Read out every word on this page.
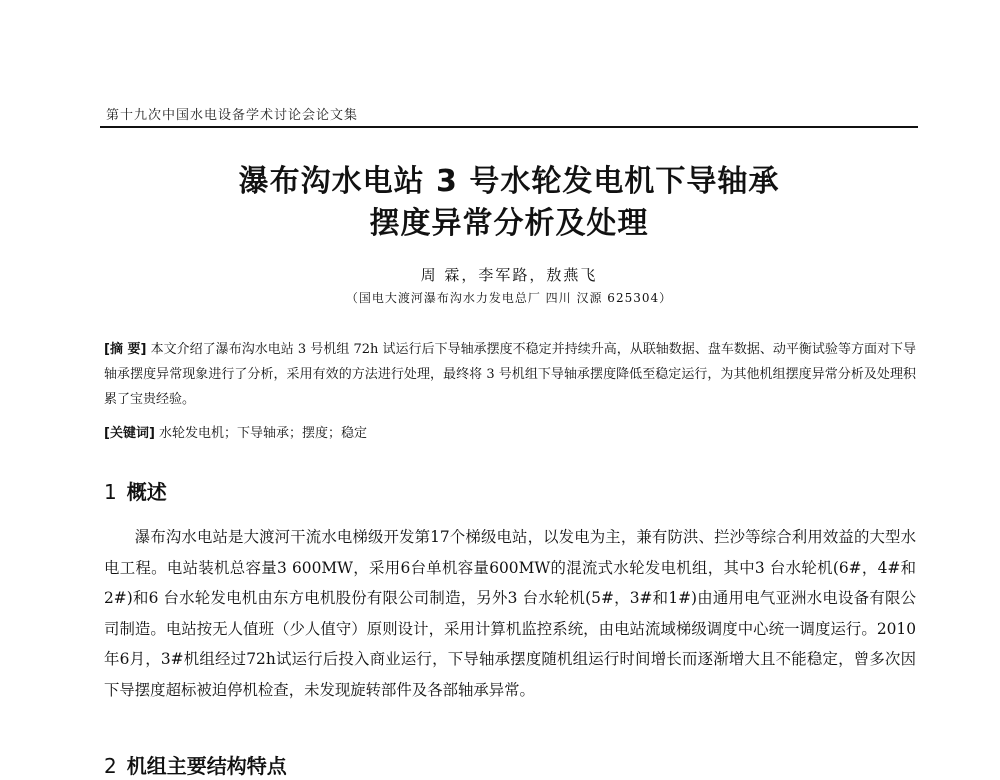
第十九次中国水电设备学术讨论会论文集
瀑布沟水电站 3 号水轮发电机下导轴承
摆度异常分析及处理
周 霖，李军路，敖燕飞
（国电大渡河瀑布沟水力发电总厂 四川 汉源 625304）
[摘 要] 本文介绍了瀑布沟水电站 3 号机组 72h 试运行后下导轴承摆度不稳定并持续升高，从联轴数据、盘车数据、动平衡试验等方面对下导轴承摆度异常现象进行了分析，采用有效的方法进行处理，最终将 3 号机组下导轴承摆度降低至稳定运行，为其他机组摆度异常分析及处理积累了宝贵经验。
[关键词] 水轮发电机；下导轴承；摆度；稳定
1 概述
瀑布沟水电站是大渡河干流水电梯级开发第17个梯级电站，以发电为主，兼有防洪、拦沙等综合利用效益的大型水电工程。电站装机总容量3 600MW，采用6台单机容量600MW的混流式水轮发电机组，其中3 台水轮机(6#，4#和2#)和6 台水轮发电机由东方电机股份有限公司制造，另外3 台水轮机(5#，3#和1#)由通用电气亚洲水电设备有限公司制造。电站按无人值班（少人值守）原则设计，采用计算机监控系统，由电站流域梯级调度中心统一调度运行。2010年6月，3#机组经过72h试运行后投入商业运行，下导轴承摆度随机组运行时间增长而逐渐增大且不能稳定，曾多次因下导摆度超标被迫停机检查，未发现旋转部件及各部轴承异常。
2 机组主要结构特点
